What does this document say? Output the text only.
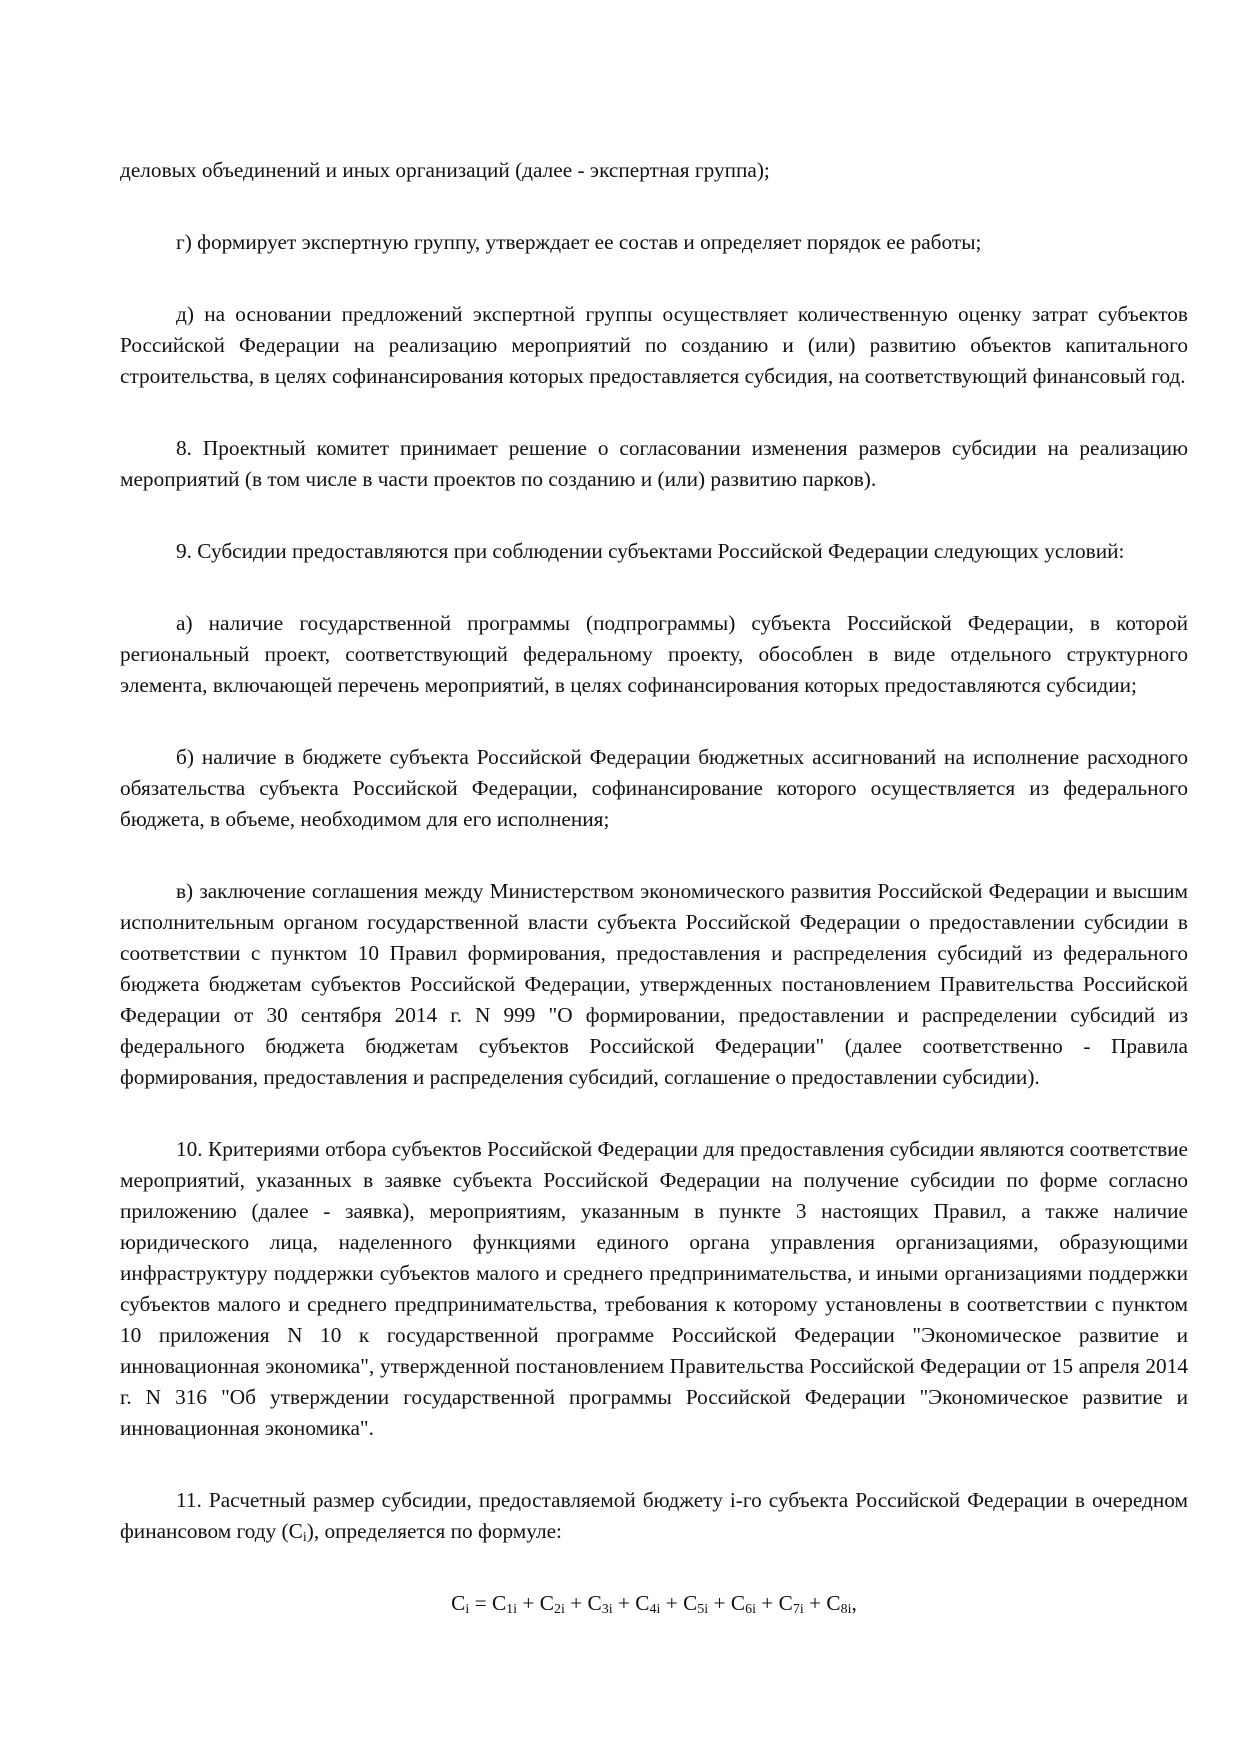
деловых объединений и иных организаций (далее - экспертная группа);

г) формирует экспертную группу, утверждает ее состав и определяет порядок ее работы;

д) на основании предложений экспертной группы осуществляет количественную оценку затрат субъектов Российской Федерации на реализацию мероприятий по созданию и (или) развитию объектов капитального строительства, в целях софинансирования которых предоставляется субсидия, на соответствующий финансовый год.

8. Проектный комитет принимает решение о согласовании изменения размеров субсидии на реализацию мероприятий (в том числе в части проектов по созданию и (или) развитию парков).

9. Субсидии предоставляются при соблюдении субъектами Российской Федерации следующих условий:

а) наличие государственной программы (подпрограммы) субъекта Российской Федерации, в которой региональный проект, соответствующий федеральному проекту, обособлен в виде отдельного структурного элемента, включающей перечень мероприятий, в целях софинансирования которых предоставляются субсидии;

б) наличие в бюджете субъекта Российской Федерации бюджетных ассигнований на исполнение расходного обязательства субъекта Российской Федерации, софинансирование которого осуществляется из федерального бюджета, в объеме, необходимом для его исполнения;

в) заключение соглашения между Министерством экономического развития Российской Федерации и высшим исполнительным органом государственной власти субъекта Российской Федерации о предоставлении субсидии в соответствии с пунктом 10 Правил формирования, предоставления и распределения субсидий из федерального бюджета бюджетам субъектов Российской Федерации, утвержденных постановлением Правительства Российской Федерации от 30 сентября 2014 г. N 999 "О формировании, предоставлении и распределении субсидий из федерального бюджета бюджетам субъектов Российской Федерации" (далее соответственно - Правила формирования, предоставления и распределения субсидий, соглашение о предоставлении субсидии).

10. Критериями отбора субъектов Российской Федерации для предоставления субсидии являются соответствие мероприятий, указанных в заявке субъекта Российской Федерации на получение субсидии по форме согласно приложению (далее - заявка), мероприятиям, указанным в пункте 3 настоящих Правил, а также наличие юридического лица, наделенного функциями единого органа управления организациями, образующими инфраструктуру поддержки субъектов малого и среднего предпринимательства, и иными организациями поддержки субъектов малого и среднего предпринимательства, требования к которому установлены в соответствии с пунктом 10 приложения N 10 к государственной программе Российской Федерации "Экономическое развитие и инновационная экономика", утвержденной постановлением Правительства Российской Федерации от 15 апреля 2014 г. N 316 "Об утверждении государственной программы Российской Федерации "Экономическое развитие и инновационная экономика".

11. Расчетный размер субсидии, предоставляемой бюджету i-го субъекта Российской Федерации в очередном финансовом году $(C_i)$, определяется по формуле:

$C_i = C_{1i} + C_{2i} + C_{3i} + C_{4i} + C_{5i} + C_{6i} + C_{7i} + C_{8i}$,
